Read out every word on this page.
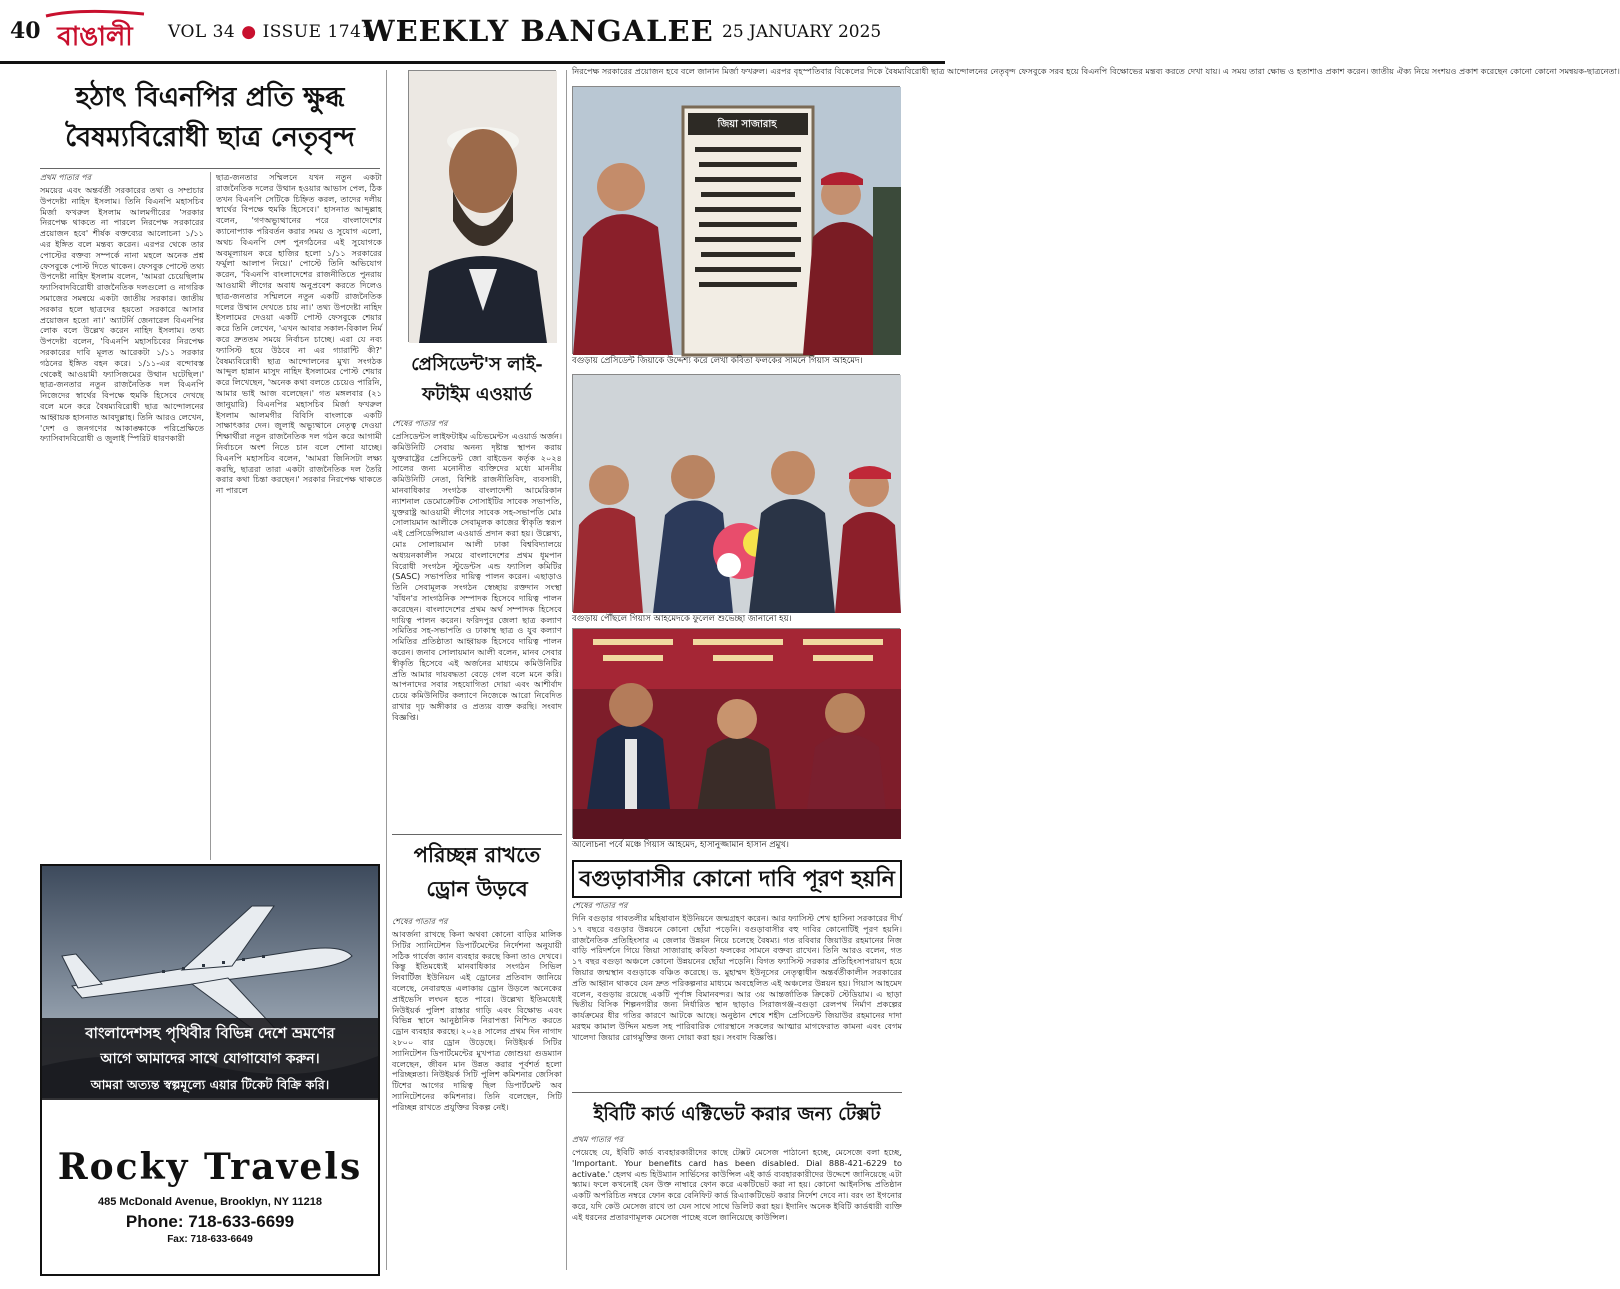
40 বাঙালী VOL 34 ● ISSUE 1741
WEEKLY BANGALEE 25 JANUARY 2025
হঠাৎ বিএনপির প্রতি ক্ষুব্ধ
বৈষম্যবিরোধী ছাত্র নেতৃবৃন্দ
প্রথম পাতার পর
সময়ের এবং অন্তর্বর্তী সরকারের তথ্য ও সম্প্রচার উপদেষ্টা নাহিদ ইসলাম। তিনি বিএনপি মহাসচিব মির্জা ফখরুল ইসলাম আলমগীরের 'সরকার নিরপেক্ষ থাকতে না পারলে নিরপেক্ষ সরকারের প্রয়োজন হবে' শীর্ষক বক্তব্যের আলোচনা ১/১১ এর ইঙ্গিত বলে মন্তব্য করেন। এরপর থেকে তার পোস্টের বক্তব্য সম্পর্কে নানা মহলে অনেক প্রশ্ন ফেসবুকে পোস্ট দিতে থাকেন। ফেসবুক পোস্টে তথ্য উপদেষ্টা নাহিদ ইসলাম বলেন, 'আমরা চেয়েছিলাম ফ্যাসিবাদবিরোধী রাজনৈতিক দলগুলো ও নাগরিক সমাজের সমন্বয়ে একটা জাতীয় সরকার। জাতীয় সরকার হলে ছাত্রদের হয়তো সরকারে আসার প্রয়োজন হতো না।' অ্যাটর্নি জেনারেল বিএনপির লোক বলে উল্লেখ করেন নাহিদ ইসলাম। তথ্য উপদেষ্টা বলেন, 'বিএনপি মহাসচিবের নিরপেক্ষ সরকারের দাবি মূলত আরেকটা ১/১১ সরকার গঠনের ইঙ্গিত বহন করে। ১/১১-এর বন্দোবস্ত থেকেই আওয়ামী ফ্যাসিজমের উত্থান ঘটেছিল।' ছাত্র-জনতার নতুন রাজনৈতিক দল বিএনপি নিজেদের স্বার্থের বিপক্ষে হুমকি হিসেবে দেখছে বলে মনে করে বৈষম্যবিরোধী ছাত্র আন্দোলনের আহ্বায়ক হাসনাত আবদুল্লাহ। তিনি আরও লেখেন, 'দেশ ও জনগণের আকাঙ্ক্ষাকে পরিপ্রেক্ষিতে ফ্যাসিবাদবিরোধী ও জুলাই স্পিরিট ধারণকারী
ছাত্র-জনতার সম্মিলনে যখন নতুন একটা রাজনৈতিক দলের উত্থান হওয়ার আভাস পেল, ঠিক তখন বিএনপি সেটিকে চিহ্নিত করল, তাদের দলীয় স্বার্থের বিপক্ষে হুমকি হিসেবে।' হাসনাত আব্দুল্লাহ বলেন, 'গণঅভ্যুত্থানের পরে বাংলাদেশের ক্যানোপ্যাক পরিবর্তন করার সময় ও সুযোগ এলো, অথচ বিএনপি দেশ পুনর্গঠনের এই সুযোগকে অবমূল্যায়ন করে হাজির হলো ১/১১ সরকারের ফর্মুলা আলাপ নিয়ে।' পোস্টে তিনি অভিযোগ করেন, 'বিএনপি বাংলাদেশের রাজনীতিতে পুনরায় আওয়ামী লীগের অবাধ অনুপ্রবেশ করতে দিলেও ছাত্র-জনতার সম্মিলনে নতুন একটি রাজনৈতিক দলের উত্থান দেখতে চায় না।' তথ্য উপদেষ্টা নাহিদ ইসলামের দেওয়া একটি পোস্ট ফেসবুকে শেয়ার করে তিনি লেখেন, 'এখন আবার সকাল-বিকাল নির্ম করে দ্রুততম সময়ে নির্বাচন চাচ্ছে। এরা যে নব্য ফ্যাসিস্ট হয়ে উঠবে না এর গ্যারান্টি কী?' বৈষম্যবিরোধী ছাত্র আন্দোলনের মুখ্য সংগঠক আব্দুল হান্নান মাসুদ নাহিদ ইসলামের পোস্ট শেয়ার করে লিখেছেন, 'অনেক কথা বলতে চেয়েও পারিনি, আমার ভাই আজ বলেছেন।' গত মঙ্গলবার (২১ জানুয়ারি) বিএনপির মহাসচিব মির্জা ফখরুল ইসলাম আলমগীর বিবিসি বাংলাকে একটি সাক্ষাৎকার দেন। জুলাই অভ্যুত্থানে নেতৃত্ব দেওয়া শিক্ষার্থীরা নতুন রাজনৈতিক দল গঠন করে আগামী নির্বাচনে অংশ নিতে চান বলে শোনা যাচ্ছে। বিএনপি মহাসচিব বলেন, 'আমরা জিনিসটা লক্ষ্য করছি, ছাত্ররা তারা একটা রাজনৈতিক দল তৈরি করার কথা চিন্তা করছেন।' সরকার নিরপেক্ষ থাকতে না পারলে
প্রেসিডেন্ট'স লাই-
ফটাইম এওয়ার্ড
শেষের পাতার পর
প্রেসিডেন্টস লাইফটাইম এচিভমেন্টস এওয়ার্ড অর্জন। কমিউনিটি সেবায় অনন্য দৃষ্টান্ত স্থাপন করায় যুক্তরাষ্ট্রের প্রেসিডেন্ট জো বাইডেন কর্তৃক ২০২৪ সালের জন্য মনোনীত ব্যক্তিদের মধ্যে মাননীয় কমিউনিটি নেতা, বিশিষ্ট রাজনীতিবিদ, ব্যবসায়ী, মানবাধিকার সংগঠক বাংলাদেশী আমেরিকান ন্যাশনাল ডেমোক্রেটিক সোসাইটির সাবেক সভাপতি, যুক্তরাষ্ট্র আওয়ামী লীগের সাবেক সহ-সভাপতি মোঃ সোলায়মান আলীকে সেবামূলক কাজের স্বীকৃতি স্বরূপ এই প্রেসিডেন্সিয়াল এওয়ার্ড প্রদান করা হয়। উল্লেখ্য, মোঃ সোলায়মান আলী ঢাকা বিশ্ববিদ্যালয়ে অধ্যয়নকালীন সময়ে বাংলাদেশের প্রথম ধূমপান বিরোধী সংগঠন স্টুডেন্টস এন্ড ফ্যাসিল কমিটির (SASC) সভাপতির দায়িত্ব পালন করেন। এছাড়াও তিনি সেবামূলক সংগঠন স্বেচ্ছায় রক্তদান সংস্থা 'বাঁধন'র সাংগঠনিক সম্পাদক হিসেবে দায়িত্ব পালন করেছেন। বাংলাদেশের প্রথম অর্থ সম্পাদক হিসেবে দায়িত্ব পালন করেন। ফরিদপুর জেলা ছাত্র কল্যাণ সমিতির সহ-সভাপতি ও ঢাকাস্থ ছাত্র ও যুব কল্যাণ সমিতির প্রতিষ্ঠাতা আহ্বায়ক হিসেবে দায়িত্ব পালন করেন। জনাব সোলায়মান আলী বলেন, মানব সেবার স্বীকৃতি হিসেবে এই অর্জনের মাধ্যমে কমিউনিটির প্রতি আমার দায়বদ্ধতা বেড়ে গেল বলে মনে করি। আপনাদের সবার সহযোগিতা দোয়া এবং আশীর্বাদ চেয়ে কমিউনিটির কল্যাণে নিজেকে আরো নিবেদিত রাখার দৃঢ় অঙ্গীকার ও প্রত্যয় ব্যক্ত করছি। সংবাদ বিজ্ঞপ্তি।
পরিচ্ছন্ন রাখতে
ড্রোন উড়বে
শেষের পাতার পর
আবর্জনা রাখছে কিনা অথবা কোনো বাড়ির মালিক সিটির স্যানিটেশন ডিপার্টমেন্টের নির্দেশনা অনুযায়ী সঠিক গার্বেজ ক্যান ব্যবহার করছে কিনা তাও দেখবে। কিন্তু ইতিমধ্যেই মানবাধিকার সংগঠন সিভিল লিবার্টিজ ইউনিয়ন এই ড্রোনের প্রতিবাদ জানিয়ে বলেছে, নেবারহুড এলাকায় ড্রোন উড়লে অনেকের প্রাইভেসি লংঘন হতে পারে। উল্লেখ্য ইতিমধ্যেই নিউইয়র্ক পুলিশ রাস্তার গাড়ি এবং বিক্ষোভ এবং বিভিন্ন স্থানে আনুষ্ঠানিক নিরাপত্তা নিশ্চিত করতে ড্রোন ব্যবহার করছে। ২০২৪ সালের প্রথম দিন নাগাদ ২৮০০ বার ড্রোন উড়েছে। নিউইয়র্ক সিটির স্যানিটেশন ডিপার্টমেন্টের মুখপাত্র জোশুয়া গুডম্যান বলেছেন, জীবন মান উন্নত করার পূর্বশর্ত হলো পরিচ্ছন্নতা। নিউইয়র্ক সিটি পুলিশ কমিশনার জেসিকা টিশের আগের দায়িত্ব ছিল ডিপার্টমেন্ট অব স্যানিটেশনের কমিশনার। তিনি বলেছেন, সিটি পরিচ্ছন্ন রাখতে প্রযুক্তির বিকল্প নেই।
জিয়া সাজারাহ
বগুড়ায় প্রেসিডেন্ট জিয়াকে উদ্দেশ্য করে লেখা কবিতা ফলকের সামনে গিয়াস আহমেদ।
বগুড়ায় পৌঁছলে গিয়াস আহমেদকে ফুলেল শুভেচ্ছা জানানো হয়।
আলোচনা পর্বে মঞ্চে গিয়াস আহমেদ, হাসানুজ্জামান হাসান প্রমুখ।
বগুড়াবাসীর কোনো দাবি পূরণ হয়নি
শেষের পাতার পর
দিনি বগুড়ার গাবতলীর মহিষাবান ইউনিয়নে জন্মগ্রহণ করেন। আর ফ্যাসিস্ট শেখ হাসিনা সরকারের দীর্ঘ ১৭ বছরে বগুড়ার উন্নয়নে কোনো ছোঁয়া পড়েনি। বগুড়াবাসীর বহু দাবির কোনোটিই পূরণ হয়নি। রাজনৈতিক প্রতিহিংসার এ জেলার উন্নয়ন নিয়ে চলেছে বৈষম্য। গত রবিবার জিয়াউর রহমানের নিজ বাড়ি পরিদর্শনে গিয়ে জিয়া সাজারাহ কবিতা ফলকের সামনে বক্তব্য রাখেন। তিনি আরও বলেন, গত ১৭ বছর বগুড়া অঞ্চলে কোনো উন্নয়নের ছোঁয়া পড়েনি। বিগত ফ্যাসিস্ট সরকার প্রতিহিংসাপরায়ণ হয়ে জিয়ার জন্মস্থান বগুড়াকে বঞ্চিত করেছে। ড. মুহাম্মদ ইউনূসের নেতৃত্বাধীন অন্তর্বর্তীকালীন সরকারের প্রতি আহ্বান থাকবে যেন দ্রুত পরিকল্পনার মাধ্যমে অবহেলিত এই অঞ্চলের উন্নয়ন হয়। গিয়াস আহমেদ বলেন, বগুড়ায় রয়েছে একটি পূর্ণাঙ্গ বিমানবন্দর। আর ৩য় আন্তর্জাতিক ক্রিকেট স্টেডিয়াম। এ ছাড়া দ্বিতীয় বিসিক শিল্পনগরীর জন্য নির্ধারিত স্থান ছাড়াও সিরাজগঞ্জ-বগুড়া রেলপথ নির্মাণ প্রকল্পের কার্যক্রমের ধীর গতির কারণে আটকে আছে। অনুষ্ঠান শেষে শহীদ প্রেসিডেন্ট জিয়াউর রহমানের দাদা মরহুম কামাল উদ্দিন মন্ডল সহ পারিবারিক গোরস্থানে সকলের আত্মার মাগফেরাত কামনা এবং বেগম খালেদা জিয়ার রোগমুক্তির জন্য দোয়া করা হয়। সংবাদ বিজ্ঞপ্তি।
ইবিটি কার্ড এক্টিভেট করার জন্য টেক্সট
প্রথম পাতার পর
পেয়েছে যে, ইবিটি কার্ড ব্যবহারকারীদের কাছে টেক্সট মেসেজ পাঠানো হচ্ছে, মেসেজে বলা হচ্ছে, 'Important. Your benefits card has been disabled. Dial 888-421-6229 to activate.' হেলথ এন্ড হিউম্যান সার্ভিসের কাউন্সিল এই কার্ড ব্যবহারকারীদের উদ্দেশে জানিয়েছে এটা স্ক্যাম। ফলে কখনোই যেন উক্ত নাম্বারে ফোন করে একটিভেট করা না হয়। কোনো আইনসিদ্ধ প্রতিষ্ঠান একটি অপরিচিত নম্বরে ফোন করে বেনিফিট কার্ড রিএ্যাকটিভেট করার নির্দেশ দেবে না। বরং তা ইগনোর করে, যদি কেউ মেসেজ রাখে তা যেন সাথে সাথে ডিলিট করা হয়। ইদানিং অনেক ইবিটি কার্ডধারী ব্যক্তি এই ধরনের প্রতারণামূলক মেসেজ পাচ্ছে বলে জানিয়েছে কাউন্সিল।
বাংলাদেশসহ পৃথিবীর বিভিন্ন দেশে ভ্রমণের
আগে আমাদের সাথে যোগাযোগ করুন।
আমরা অত্যন্ত স্বল্পমূল্যে এয়ার টিকেট বিক্রি করি।
Rocky Travels
485 McDonald Avenue, Brooklyn, NY 11218
Phone: 718-633-6699
Fax: 718-633-6649
নিরপেক্ষ সরকারের প্রয়োজন হবে বলে জানান মির্জা ফখরুল। এরপর বৃহস্পতিবার বিকেলের দিকে বৈষম্যবিরোধী ছাত্র আন্দোলনের নেতৃবৃন্দ ফেসবুকে সরব হয়ে বিএনপি বিক্ষোভের মন্তব্য করতে দেখা যায়। এ সময় তারা ক্ষোভ ও হতাশাও প্রকাশ করেন। জাতীয় ঐক্য নিয়ে সংশয়ও প্রকাশ করেছেন কোনো কোনো সমন্বয়ক-ছাত্রনেতা।
